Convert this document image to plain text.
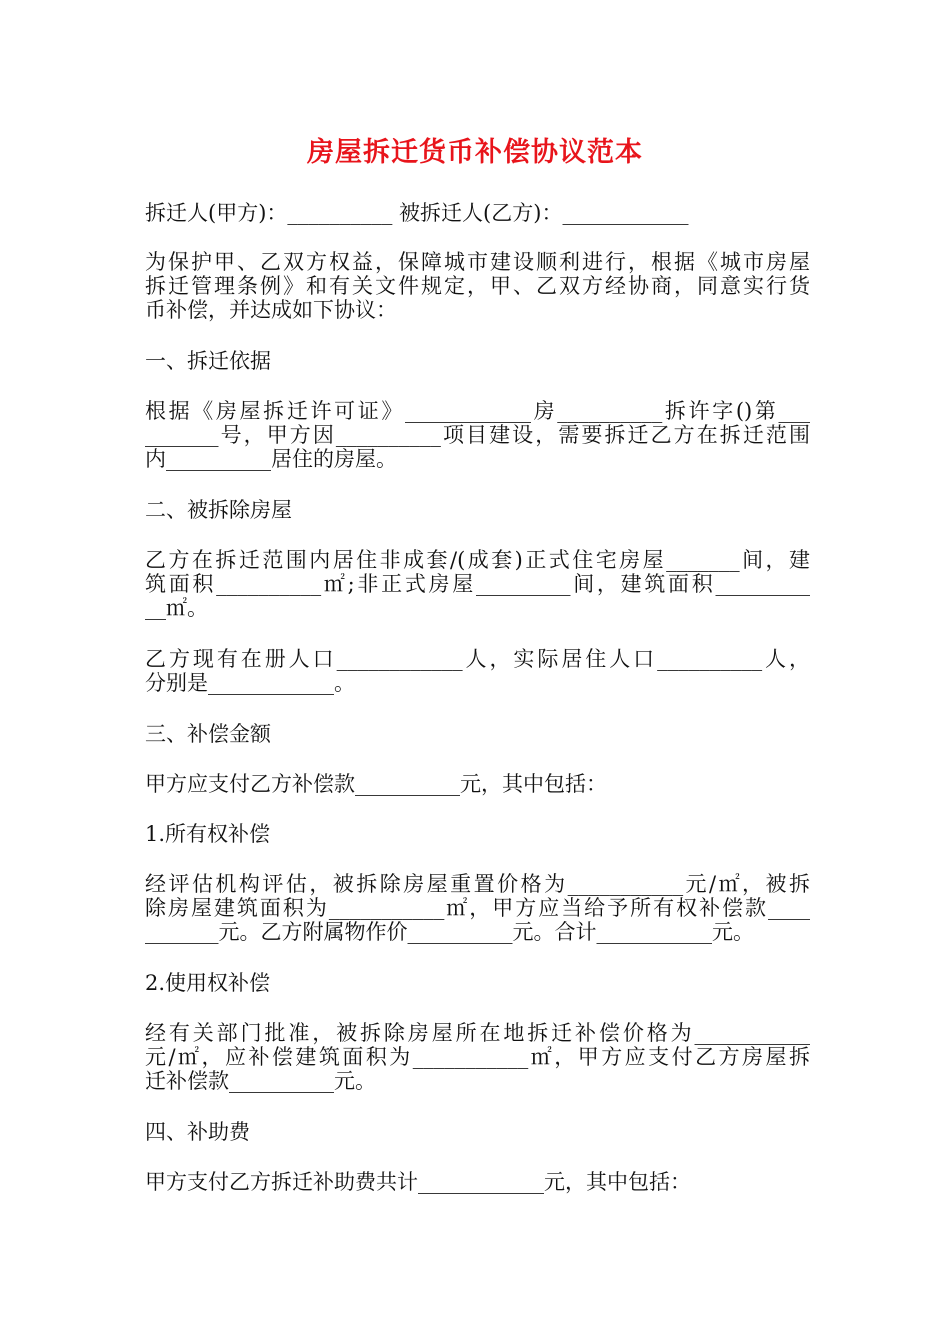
房屋拆迁货币补偿协议范本
拆迁人(甲方)：__________ 被拆迁人(乙方)：____________
为保护甲、乙双方权益，保障城市建设顺利进行，根据《城市房屋
拆迁管理条例》和有关文件规定，甲、乙双方经协商，同意实行货
币补偿，并达成如下协议：
一、拆迁依据
根据《房屋拆迁许可证》____________房__________拆许字()第___
_______号，甲方因__________项目建设，需要拆迁乙方在拆迁范围
内__________居住的房屋。
二、被拆除房屋
乙方在拆迁范围内居住非成套/(成套)正式住宅房屋_______间，建
筑面积__________㎡;非正式房屋_________间，建筑面积_________
__㎡。
乙方现有在册人口____________人，实际居住人口__________人，
分别是____________。
三、补偿金额
甲方应支付乙方补偿款__________元，其中包括：
1.所有权补偿
经评估机构评估，被拆除房屋重置价格为___________元/㎡，被拆
除房屋建筑面积为___________㎡，甲方应当给予所有权补偿款____
_______元。乙方附属物作价__________元。合计___________元。
2.使用权补偿
经有关部门批准，被拆除房屋所在地拆迁补偿价格为___________
元/㎡，应补偿建筑面积为___________㎡，甲方应支付乙方房屋拆
迁补偿款__________元。
四、补助费
甲方支付乙方拆迁补助费共计____________元，其中包括：
